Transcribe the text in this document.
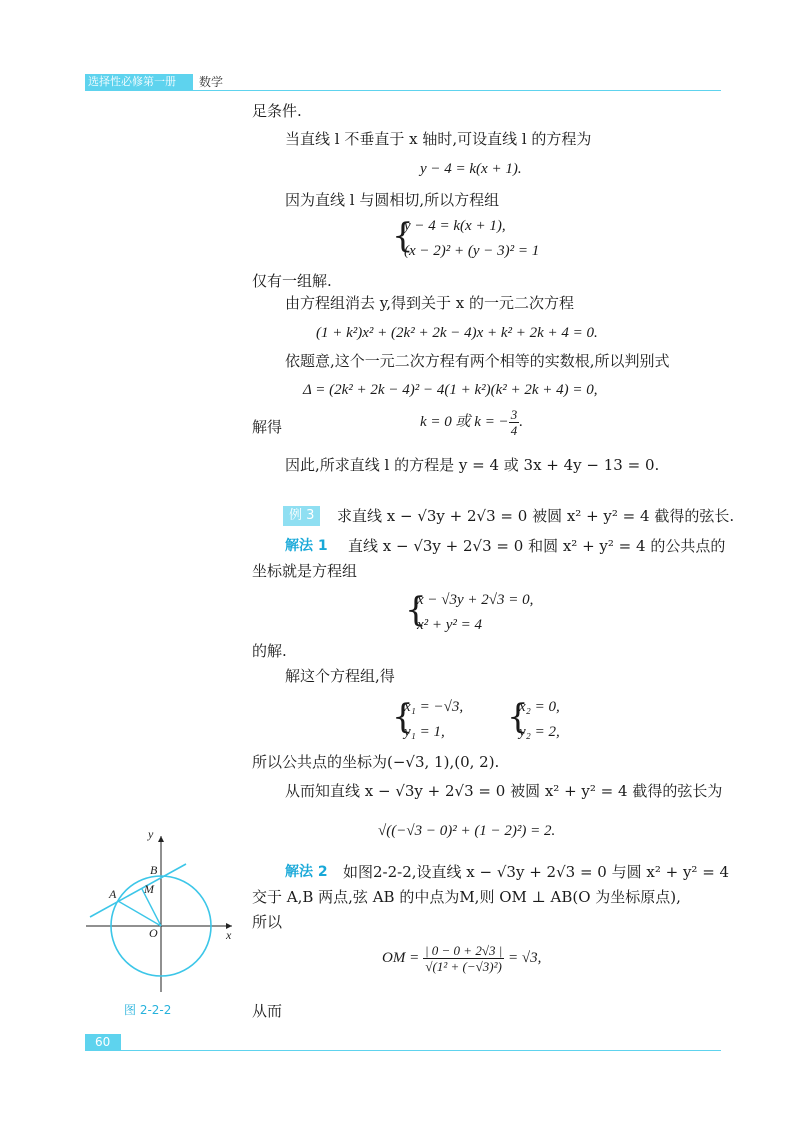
选择性必修第一册	数学
足条件.
当直线 l 不垂直于 x 轴时,可设直线 l 的方程为
y − 4 = k(x + 1).
因为直线 l 与圆相切,所以方程组
{
y − 4 = k(x + 1),
(x − 2)² + (y − 3)² = 1
仅有一组解.
由方程组消去 y,得到关于 x 的一元二次方程
(1 + k²)x² + (2k² + 2k − 4)x + k² + 2k + 4 = 0.
依题意,这个一元二次方程有两个相等的实数根,所以判别式
Δ = (2k² + 2k − 4)² − 4(1 + k²)(k² + 2k + 4) = 0,
解得	k = 0 或 k = − $\frac{3}{4}$ .
因此,所求直线 l 的方程是 y = 4 或 3x + 4y − 13 = 0.
例 3	求直线 x − √3y + 2√3 = 0 被圆 x² + y² = 4 截得的弦长.
解法 1 直线 x − √3y + 2√3 = 0 和圆 x² + y² = 4 的公共点的
坐标就是方程组
{
x − √3y + 2√3 = 0,
x² + y² = 4
的解.
解这个方程组,得
{
x₁ = −√3,
y₁ = 1, {
x₂ = 0,
y₂ = 2,
所以公共点的坐标为(−√3, 1),(0, 2).
从而知直线 x − √3y + 2√3 = 0 被圆 x² + y² = 4 截得的弦长为
√((−√3 − 0)² + (1 − 2)²) = 2.
解法 2 如图2-2-2,设直线 x − √3y + 2√3 = 0 与圆 x² + y² = 4
交于 A,B 两点,弦 AB 的中点为M,则 OM ⊥ AB(O 为坐标原点),
所以
OM = $\frac{| 0 - 0 + 2√3 |}{\text{√(1² + (−√3)²)}} = √3$,
从而
y
x
O
A
B
M
图 2-2-2
60
